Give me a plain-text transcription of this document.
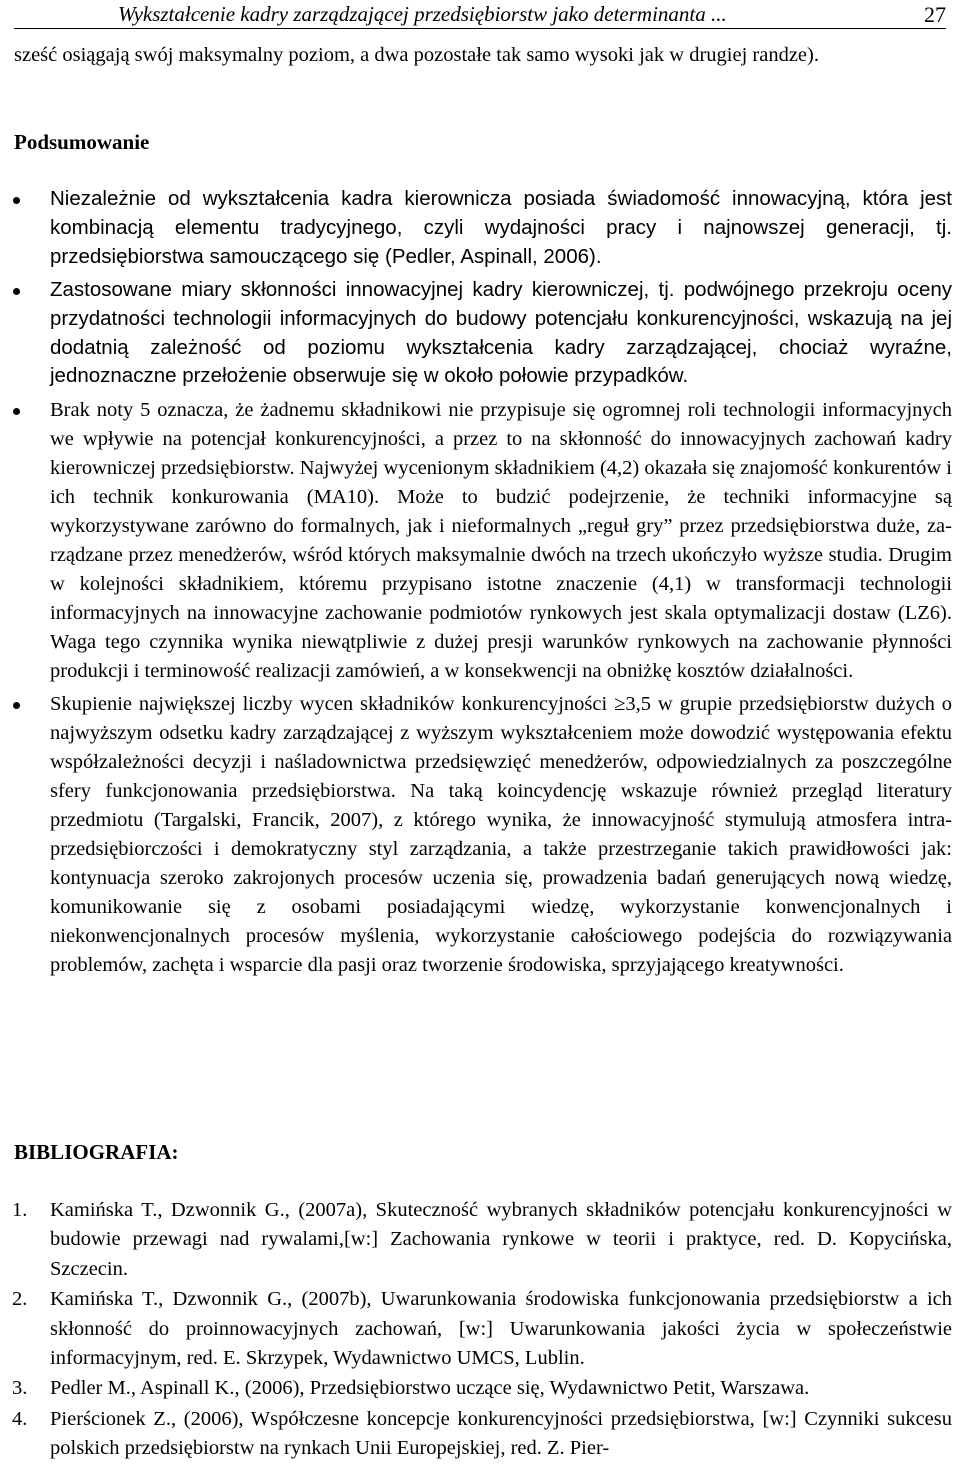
Wykształcenie kadry zarządzającej przedsiębiorstw jako determinanta ...	27
sześć osiągają swój maksymalny poziom, a dwa pozostałe tak samo wysoki jak w drugiej randze).
Podsumowanie
Niezależnie od wykształcenia kadra kierownicza posiada świadomość innowacyjną, która jest kombinacją elementu tradycyjnego, czyli wydajności pracy i najnowszej generacji, tj. przedsiębiorstwa samouczącego się (Pedler, Aspinall, 2006).
Zastosowane miary skłonności innowacyjnej kadry kierowniczej, tj. podwójnego przekroju oceny przydatności technologii informacyjnych do budowy potencjału konkurencyjności, wskazują na jej dodatnią zależność od poziomu wykształcenia kadry zarządzającej, chociaż wyraźne, jednoznaczne przełożenie obserwuje się w około połowie przypadków.
Brak noty 5 oznacza, że żadnemu składnikowi nie przypisuje się ogromnej roli technologii informacyjnych we wpływie na potencjał konkurencyjności, a przez to na skłonność do innowacyjnych zachowań kadry kierowniczej przedsiębiorstw. Najwyżej wycenionym składnikiem (4,2) okazała się znajomość konkurentów i ich technik konkurowania (MA10). Może to budzić podejrzenie, że techniki informacyjne są wykorzystywane zarówno do formalnych, jak i nieformalnych „reguł gry” przez przedsiębiorstwa duże, zarządzane przez menedżerów, wśród których maksymalnie dwóch na trzech ukończyło wyższe studia. Drugim w kolejności składnikiem, któremu przypisano istotne znaczenie (4,1) w transformacji technologii informacyjnych na innowacyjne zachowanie podmiotów rynkowych jest skala optymalizacji dostaw (LZ6). Waga tego czynnika wynika niewątpliwie z dużej presji warunków rynkowych na zachowanie płynności produkcji i terminowość realizacji zamówień, a w konsekwencji na obniżkę kosztów działalności.
Skupienie największej liczby wycen składników konkurencyjności ≥3,5 w grupie przedsiębiorstw dużych o najwyższym odsetku kadry zarządzającej z wyższym wykształceniem może dowodzić występowania efektu współzależności decyzji i naśladownictwa przedsięwzięć menedżerów, odpowiedzialnych za poszczególne sfery funkcjonowania przedsiębiorstwa. Na taką koincydencję wskazuje również przegląd literatury przedmiotu (Targalski, Francik, 2007), z którego wynika, że innowacyjność stymulują atmosfera intraprzedsiębiorczości i demokratyczny styl zarządzania, a także przestrzeganie takich prawidłowości jak: kontynuacja szeroko zakrojonych procesów uczenia się, prowadzenia badań generujących nową wiedzę, komunikowanie się z osobami posiadającymi wiedzę, wykorzystanie konwencjonalnych i niekonwencjonalnych procesów myślenia, wykorzystanie całościowego podejścia do rozwiązywania problemów, zachęta i wsparcie dla pasji oraz tworzenie środowiska, sprzyjającego kreatywności.
BIBLIOGRAFIA:
1. Kamińska T., Dzwonnik G., (2007a), Skuteczność wybranych składników potencjału konkurencyjności w budowie przewagi nad rywalami,[w:] Zachowania rynkowe w teorii i praktyce, red. D. Kopycińska, Szczecin.
2. Kamińska T., Dzwonnik G., (2007b), Uwarunkowania środowiska funkcjonowania przedsiębiorstw a ich skłonność do proinnowacyjnych zachowań, [w:] Uwarunkowania jakości życia w społeczeństwie informacyjnym, red. E. Skrzypek, Wydawnictwo UMCS, Lublin.
3. Pedler M., Aspinall K., (2006), Przedsiębiorstwo uczące się, Wydawnictwo Petit, Warszawa.
4. Pierścionek Z., (2006), Współczesne koncepcje konkurencyjności przedsiębiorstwa, [w:] Czynniki sukcesu polskich przedsiębiorstw na rynkach Unii Europejskiej, red. Z. Pier-
